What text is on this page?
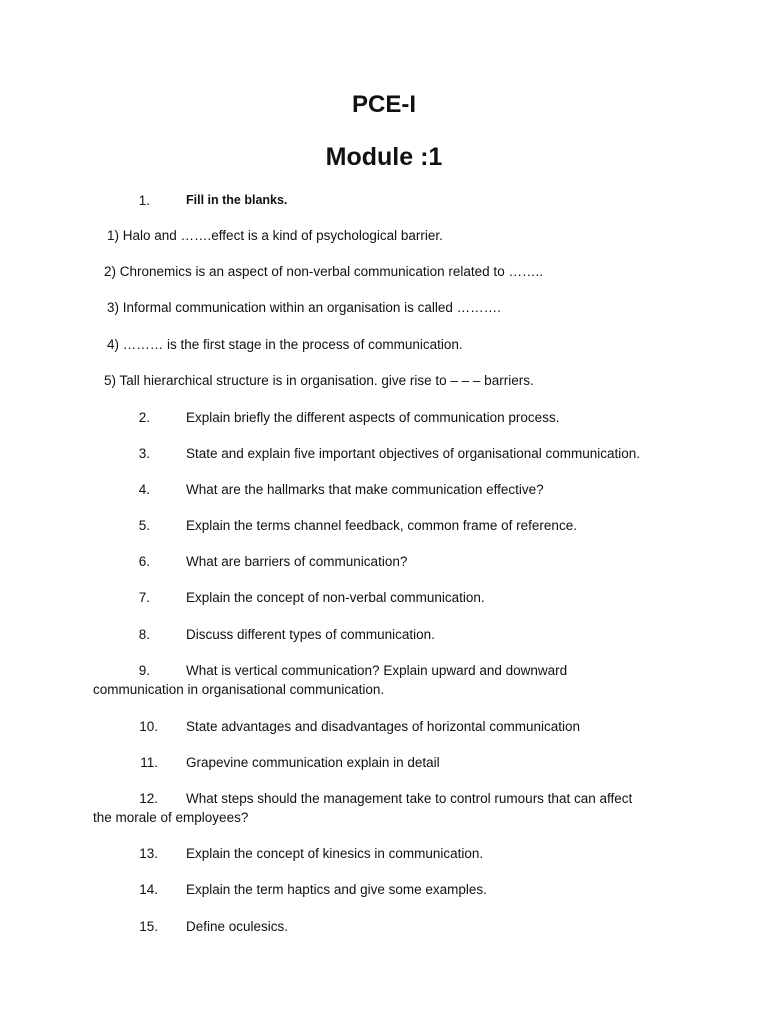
PCE-I
Module :1
1.	Fill in the blanks.
1) Halo and …….effect is a kind of psychological barrier.
2) Chronemics is an aspect of non-verbal communication related to ……..
3) Informal communication within an organisation is called ……….
4) ……… is the first stage in the process of communication.
5) Tall hierarchical structure is in organisation. give rise to – – – barriers.
2.	Explain briefly the different aspects of communication process.
3.	State and explain five important objectives of organisational communication.
4.	What are the hallmarks that make communication effective?
5.	Explain the terms channel feedback, common frame of reference.
6.	What are barriers of communication?
7.	Explain the concept of non-verbal communication.
8.	Discuss different types of communication.
9.	What is vertical communication? Explain upward and downward
communication in organisational communication.
10. State advantages and disadvantages of horizontal communication
11. Grapevine communication explain in detail
12. What steps should the management take to control rumours that can affect
the morale of employees?
13. Explain the concept of kinesics in communication.
14. Explain the term haptics and give some examples.
15. Define oculesics.
